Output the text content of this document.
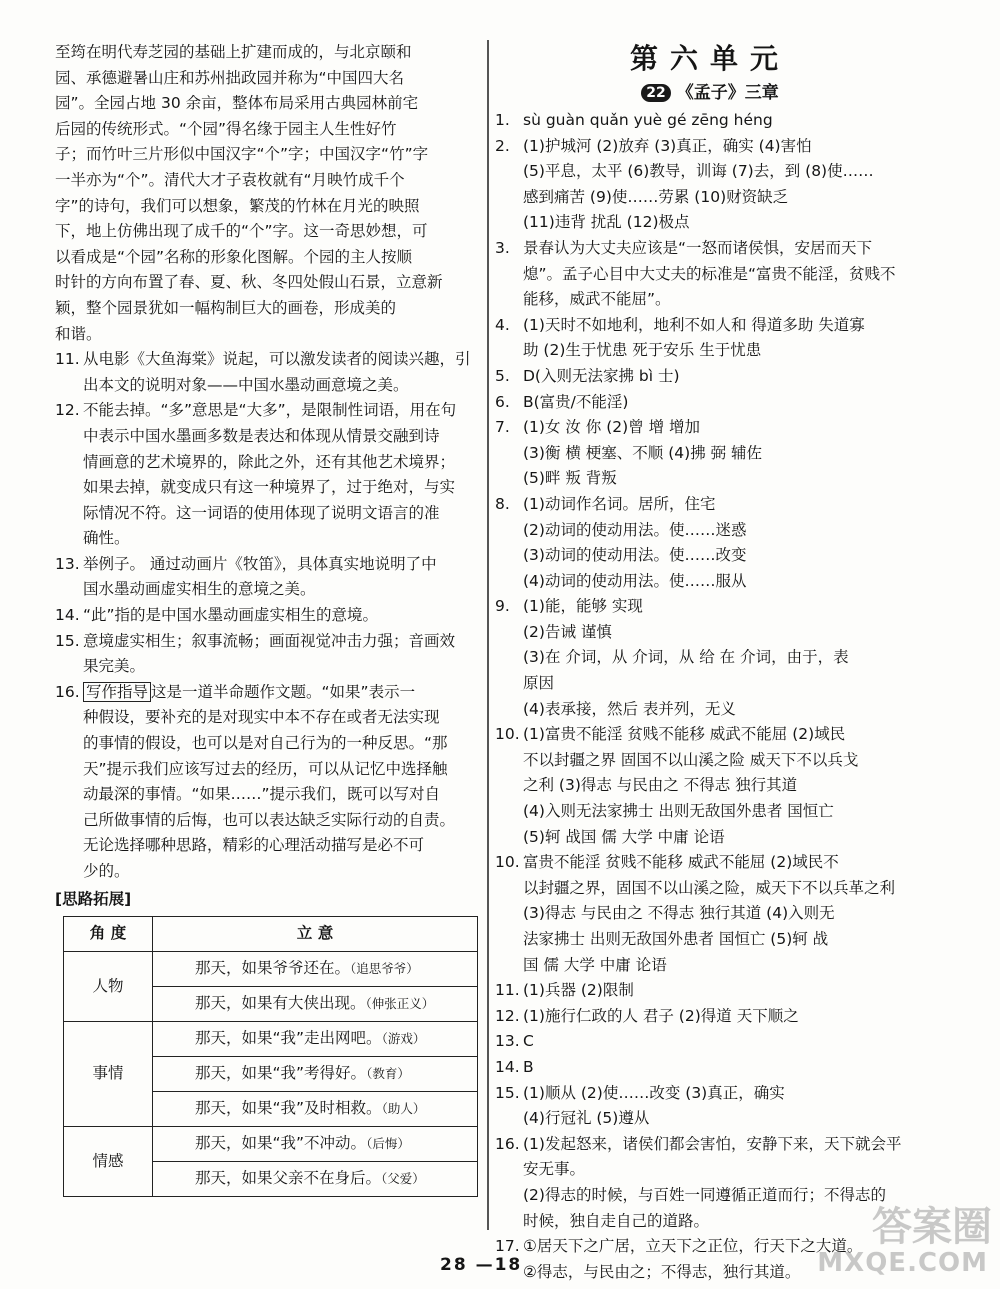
至筠在明代寿芝园的基础上扩建而成的，与北京颐和
园、承德避暑山庄和苏州拙政园并称为“中国四大名
园”。全园占地 30 余亩，整体布局采用古典园林前宅
后园的传统形式。“个园”得名缘于园主人生性好竹
子；而竹叶三片形似中国汉字“个”字；中国汉字“竹”字
一半亦为“个”。清代大才子袁枚就有“月映竹成千个
字”的诗句，我们可以想象，繁茂的竹林在月光的映照
下，地上仿佛出现了成千的“个”字。这一奇思妙想，可
以看成是“个园”名称的形象化图解。个园的主人按顺
时针的方向布置了春、夏、秋、冬四处假山石景，立意新
颖，整个园景犹如一幅构制巨大的画卷，形成美的
和谐。
11. 从电影《大鱼海棠》说起，可以激发读者的阅读兴趣，引
出本文的说明对象——中国水墨动画意境之美。
12. 不能去掉。“多”意思是“大多”，是限制性词语，用在句
中表示中国水墨画多数是表达和体现从情景交融到诗
情画意的艺术境界的，除此之外，还有其他艺术境界；
如果去掉，就变成只有这一种境界了，过于绝对，与实
际情况不符。这一词语的使用体现了说明文语言的准
确性。
13. 举例子。 通过动画片《牧笛》，具体真实地说明了中
国水墨动画虚实相生的意境之美。
14. “此”指的是中国水墨动画虚实相生的意境。
15. 意境虚实相生；叙事流畅；画面视觉冲击力强；音画效
果完美。
16. 写作指导 这是一道半命题作文题。“如果”表示一
种假设，要补充的是对现实中本不存在或者无法实现
的事情的假设，也可以是对自己行为的一种反思。“那
天”提示我们应该写过去的经历，可以从记忆中选择触
动最深的事情。“如果……”提示我们，既可以写对自
己所做事情的后悔，也可以表达缺乏实际行动的自责。
无论选择哪种思路，精彩的心理活动描写是必不可
少的。
[思路拓展]
角 度	立 意
人物	那天，如果爷爷还在。（追思爷爷）
	那天，如果有大侠出现。（伸张正义）
事情	那天，如果“我”走出网吧。（游戏）
	那天，如果“我”考得好。（教育）
	那天，如果“我”及时相救。（助人）
情感	那天，如果“我”不冲动。（后悔）
	那天，如果父亲不在身后。（父爱）
第六单元
22 《孟子》三章
1. sù guàn quǎn yuè gé zēng héng
2. (1)护城河 (2)放弃 (3)真正，确实 (4)害怕
(5)平息，太平 (6)教导，训诲 (7)去，到 (8)使……
感到痛苦 (9)使……劳累 (10)财资缺乏
(11)违背 扰乱 (12)极点
3. 景春认为大丈夫应该是“一怒而诸侯惧，安居而天下
熄”。孟子心目中大丈夫的标准是“富贵不能淫，贫贱不
能移，威武不能屈”。
4. (1)天时不如地利，地利不如人和 得道多助 失道寡
助 (2)生于忧患 死于安乐 生于忧患
5. D(入则无法家拂 bì 士)
6. B(富贵/不能淫)
7. (1)女 汝 你 (2)曾 增 增加
(3)衡 横 梗塞、不顺 (4)拂 弼 辅佐
(5)畔 叛 背叛
8. (1)动词作名词。居所，住宅
(2)动词的使动用法。使……迷惑
(3)动词的使动用法。使……改变
(4)动词的使动用法。使……服从
9. (1)能，能够 实现
(2)告诫 谨慎
(3)在 介词，从 介词，从 给 在 介词，由于，表
原因
(4)表承接，然后 表并列，无义
10. (1)富贵不能淫 贫贱不能移 威武不能屈 (2)域民
不以封疆之界 固国不以山溪之险 威天下不以兵戈
之利 (3)得志 与民由之 不得志 独行其道
(4)入则无法家拂士 出则无敌国外患者 国恒亡
(5)轲 战国 儒 大学 中庸 论语
10. 富贵不能淫 贫贱不能移 威武不能屈 (2)域民不
以封疆之界，固国不以山溪之险，威天下不以兵革之利
(3)得志 与民由之 不得志 独行其道 (4)入则无
法家拂士 出则无敌国外患者 国恒亡 (5)轲 战
国 儒 大学 中庸 论语
11. (1)兵器 (2)限制
12. (1)施行仁政的人 君子 (2)得道 天下顺之
13. C
14. B
15. (1)顺从 (2)使……改变 (3)真正，确实
(4)行冠礼 (5)遵从
16. (1)发起怒来，诸侯们都会害怕，安静下来，天下就会平
安无事。
(2)得志的时候，与百姓一同遵循正道而行；不得志的
时候，独自走自己的道路。
17. ①居天下之广居，立天下之正位，行天下之大道。
②得志，与民由之；不得志，独行其道。
28 —18
答案圈
MXQE.COM
